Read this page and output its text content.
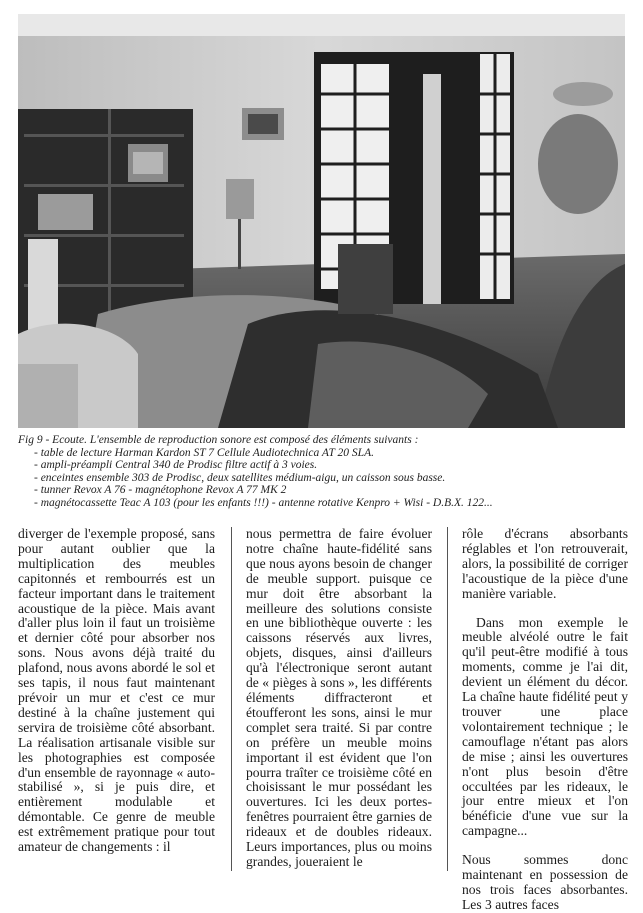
Fig 9 - Ecoute. L'ensemble de reproduction sonore est composé des éléments suivants :
- table de lecture Harman Kardon ST 7 Cellule Audiotechnica AT 20 SLA.
- ampli-préampli Central 340 de Prodisc filtre actif à 3 voies.
- enceintes ensemble 303 de Prodisc, deux satellites médium-aigu, un caisson sous basse.
- tunner Revox A 76 - magnétophone Revox A 77 MK 2
- magnétocassette Teac A 103 (pour les enfants !!!) - antenne rotative Kenpro + Wisi - D.B.X. 122...

diverger de l'exemple proposé, sans pour autant oublier que la multiplication des meubles capitonnés et rembourrés est un facteur important dans le traitement acoustique de la pièce. Mais avant d'aller plus loin il faut un troisième et dernier côté pour absorber nos sons. Nous avons déjà traité du plafond, nous avons abordé le sol et ses tapis, il nous faut maintenant prévoir un mur et c'est ce mur destiné à la chaîne justement qui servira de troisième côté absorbant. La réalisation artisanale visible sur les photographies est composée d'un ensemble de rayonnage « auto-stabilisé », si je puis dire, et entièrement modulable et démontable. Ce genre de meuble est extrêmement pratique pour tout amateur de changements : il

nous permettra de faire évoluer notre chaîne haute-fidélité sans que nous ayons besoin de changer de meuble support. puisque ce mur doit être absorbant la meilleure des solutions consiste en une bibliothèque ouverte : les caissons réservés aux livres, objets, disques, ainsi d'ailleurs qu'à l'électronique seront autant de « pièges à sons », les différents éléments diffracteront et étoufferont les sons, ainsi le mur complet sera traité. Si par contre on préfère un meuble moins important il est évident que l'on pourra traîter ce troisième côté en choisissant le mur possédant les ouvertures. Ici les deux portes-fenêtres pourraient être garnies de rideaux et de doubles rideaux. Leurs importances, plus ou moins grandes, joueraient le

rôle d'écrans absorbants réglables et l'on retrouverait, alors, la possibilité de corriger l'acoustique de la pièce d'une manière variable.

Dans mon exemple le meuble alvéolé outre le fait qu'il peut-être modifié à tous moments, comme je l'ai dit, devient un élément du décor. La chaîne haute fidélité peut y trouver une place volontairement technique ; le camouflage n'étant pas alors de mise ; ainsi les ouvertures n'ont plus besoin d'être occultées par les rideaux, le jour entre mieux et l'on bénéficie d'une vue sur la campagne...

Nous sommes donc maintenant en possession de nos trois faces absorbantes. Les 3 autres faces
